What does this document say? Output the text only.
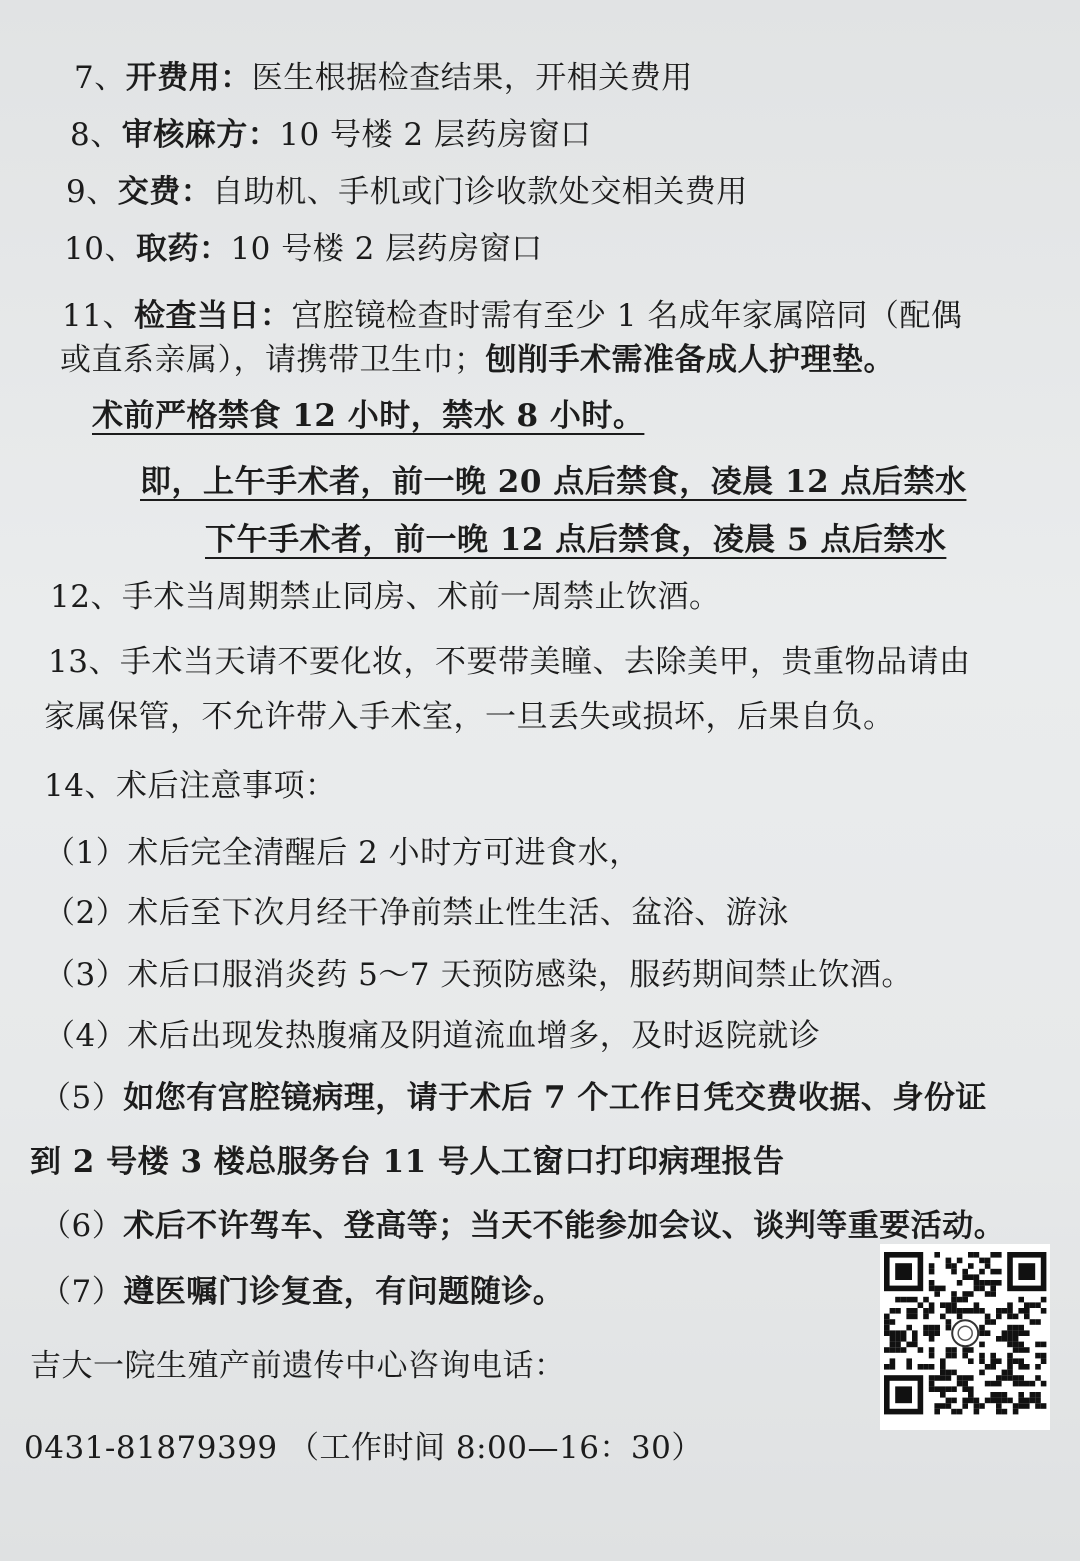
7、开费用：医生根据检查结果，开相关费用
8、审核麻方：10 号楼 2 层药房窗口
9、交费：自助机、手机或门诊收款处交相关费用
10、取药：10 号楼 2 层药房窗口
11、检查当日：宫腔镜检查时需有至少 1 名成年家属陪同（配偶
或直系亲属），请携带卫生巾；刨削手术需准备成人护理垫。
术前严格禁食 12 小时，禁水 8 小时。
即，上午手术者，前一晚 20 点后禁食，凌晨 12 点后禁水
下午手术者，前一晚 12 点后禁食，凌晨 5 点后禁水
12、手术当周期禁止同房、术前一周禁止饮酒。
13、手术当天请不要化妆，不要带美瞳、去除美甲，贵重物品请由
家属保管，不允许带入手术室，一旦丢失或损坏，后果自负。
14、术后注意事项：
（1）术后完全清醒后 2 小时方可进食水，
（2）术后至下次月经干净前禁止性生活、盆浴、游泳
（3）术后口服消炎药 5～7 天预防感染，服药期间禁止饮酒。
（4）术后出现发热腹痛及阴道流血增多，及时返院就诊
（5）如您有宫腔镜病理，请于术后 7 个工作日凭交费收据、身份证
到 2 号楼 3 楼总服务台 11 号人工窗口打印病理报告
（6）术后不许驾车、登高等；当天不能参加会议、谈判等重要活动。
（7）遵医嘱门诊复查，有问题随诊。
吉大一院生殖产前遗传中心咨询电话：
0431-81879399 （工作时间 8:00—16：30）
